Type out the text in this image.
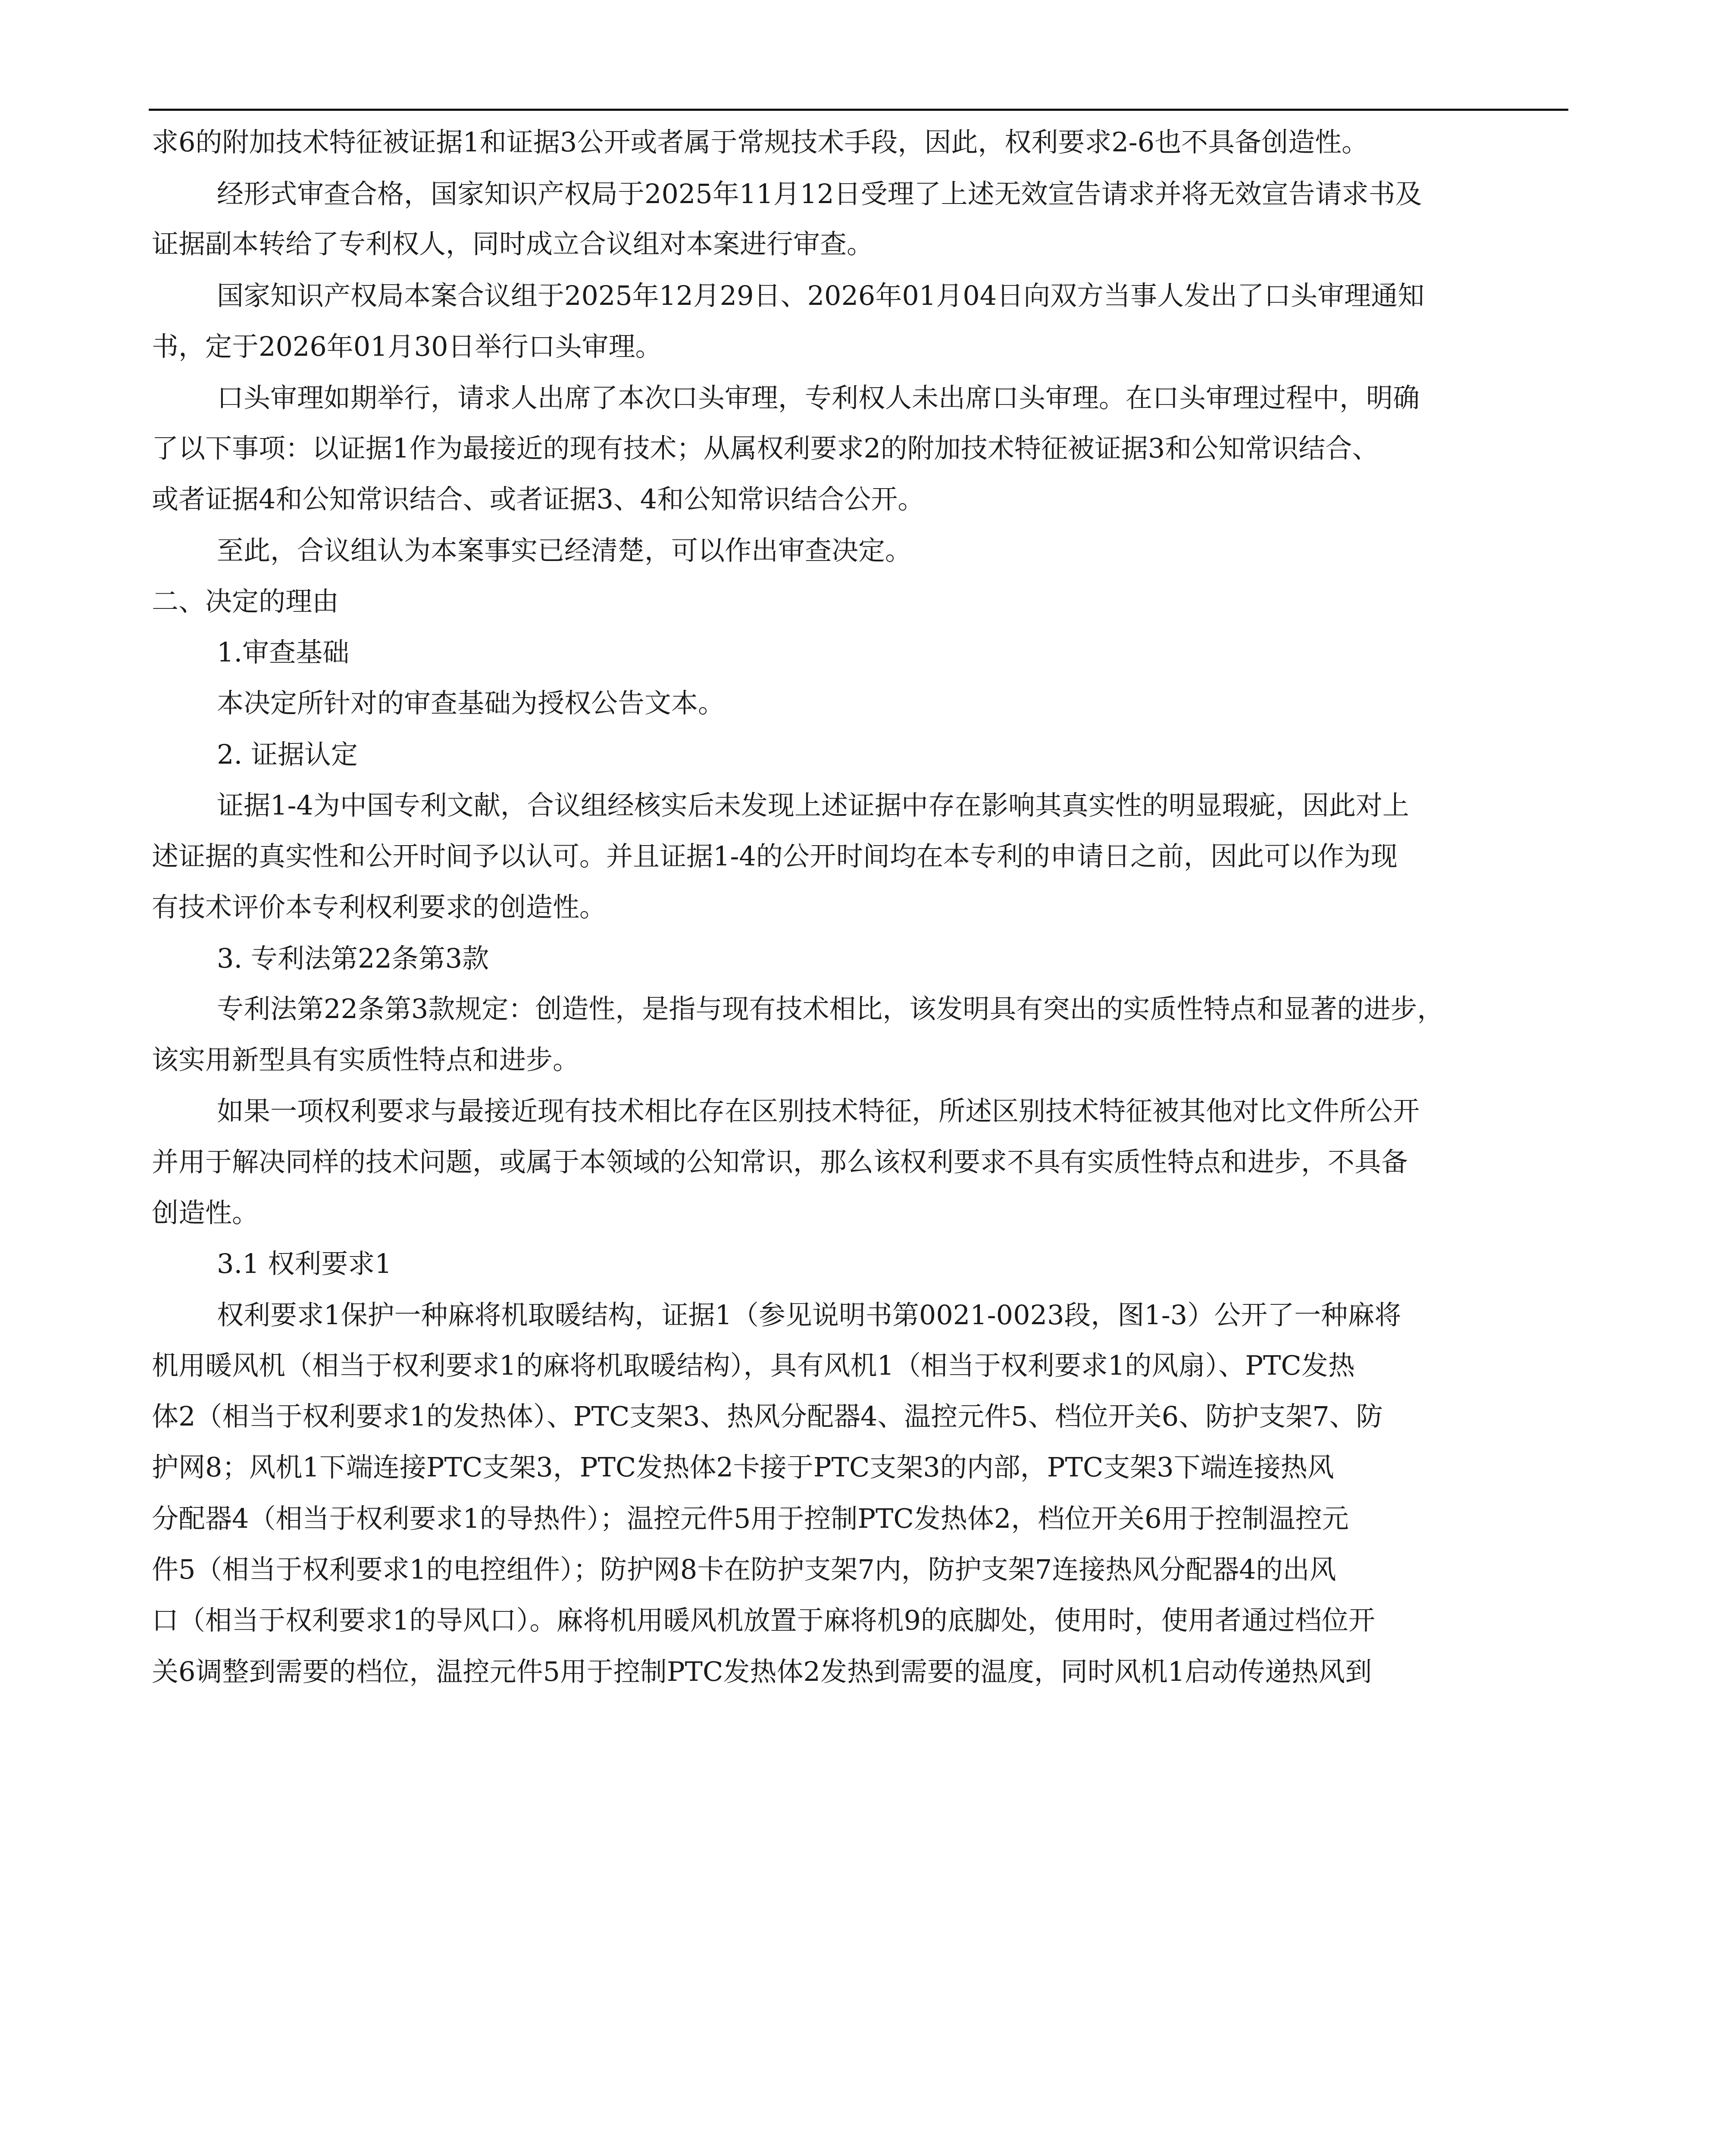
求6的附加技术特征被证据1和证据3公开或者属于常规技术手段，因此，权利要求2-6也不具备创造性。
经形式审查合格，国家知识产权局于2025年11月12日受理了上述无效宣告请求并将无效宣告请求书及
证据副本转给了专利权人，同时成立合议组对本案进行审查。
国家知识产权局本案合议组于2025年12月29日、2026年01月04日向双方当事人发出了口头审理通知
书，定于2026年01月30日举行口头审理。
口头审理如期举行，请求人出席了本次口头审理，专利权人未出席口头审理。在口头审理过程中，明确
了以下事项：以证据1作为最接近的现有技术；从属权利要求2的附加技术特征被证据3和公知常识结合、
或者证据4和公知常识结合、或者证据3、4和公知常识结合公开。
至此，合议组认为本案事实已经清楚，可以作出审查决定。
二、决定的理由
1.审查基础
本决定所针对的审查基础为授权公告文本。
2. 证据认定
证据1-4为中国专利文献，合议组经核实后未发现上述证据中存在影响其真实性的明显瑕疵，因此对上
述证据的真实性和公开时间予以认可。并且证据1-4的公开时间均在本专利的申请日之前，因此可以作为现
有技术评价本专利权利要求的创造性。
3. 专利法第22条第3款
专利法第22条第3款规定：创造性，是指与现有技术相比，该发明具有突出的实质性特点和显著的进步，
该实用新型具有实质性特点和进步。
如果一项权利要求与最接近现有技术相比存在区别技术特征，所述区别技术特征被其他对比文件所公开
并用于解决同样的技术问题，或属于本领域的公知常识，那么该权利要求不具有实质性特点和进步，不具备
创造性。
3.1 权利要求1
权利要求1保护一种麻将机取暖结构，证据1（参见说明书第0021-0023段，图1-3）公开了一种麻将
机用暖风机（相当于权利要求1的麻将机取暖结构），具有风机1（相当于权利要求1的风扇）、PTC发热
体2（相当于权利要求1的发热体）、PTC支架3、热风分配器4、温控元件5、档位开关6、防护支架7、防
护网8；风机1下端连接PTC支架3，PTC发热体2卡接于PTC支架3的内部，PTC支架3下端连接热风
分配器4（相当于权利要求1的导热件）；温控元件5用于控制PTC发热体2，档位开关6用于控制温控元
件5（相当于权利要求1的电控组件）；防护网8卡在防护支架7内，防护支架7连接热风分配器4的出风
口（相当于权利要求1的导风口）。麻将机用暖风机放置于麻将机9的底脚处，使用时，使用者通过档位开
关6调整到需要的档位，温控元件5用于控制PTC发热体2发热到需要的温度，同时风机1启动传递热风到
